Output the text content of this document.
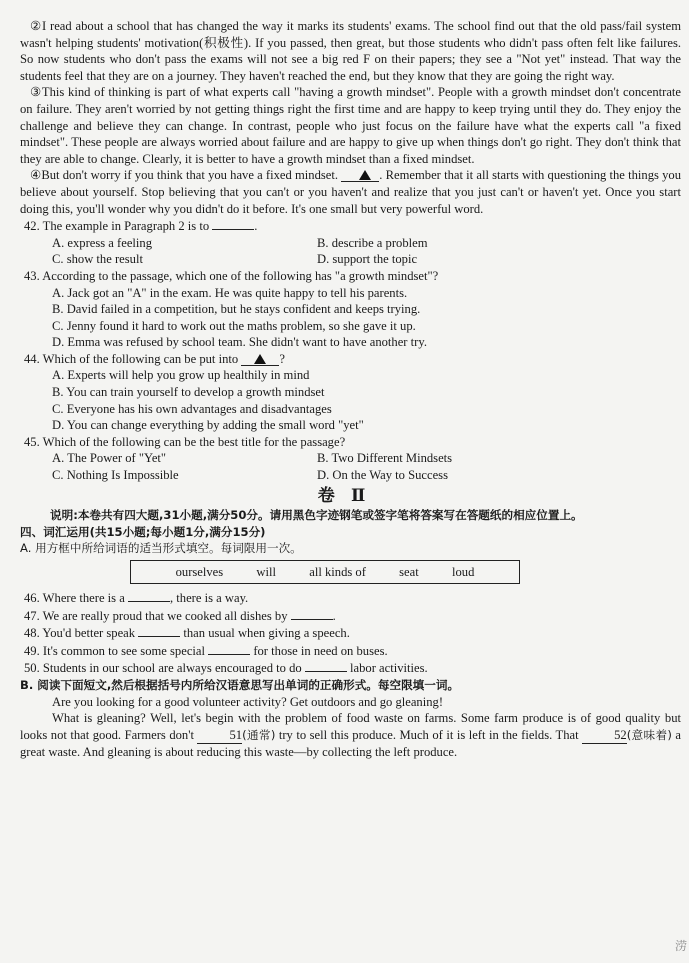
②I read about a school that has changed the way it marks its students' exams. The school find out that the old pass/fail system wasn't helping students' motivation(积极性). If you passed, then great, but those students who didn't pass often felt like failures. So now students who don't pass the exams will not see a big red F on their papers; they see a "Not yet" instead. That way the students feel that they are on a journey. They haven't reached the end, but they know that they are going the right way.

③This kind of thinking is part of what experts call "having a growth mindset". People with a growth mindset don't concentrate on failure. They aren't worried by not getting things right the first time and are happy to keep trying until they do. They enjoy the challenge and believe they can change. In contrast, people who just focus on the failure have what the experts call "a fixed mindset". These people are always worried about failure and are happy to give up when things don't go right. They don't think that they are able to change. Clearly, it is better to have a growth mindset than a fixed mindset.

④But don't worry if you think that you have a fixed mindset.	. Remember that it all starts with questioning the things you believe about yourself. Stop believing that you can't or you haven't and realize that you just can't or haven't yet. Once you start doing this, you'll wonder why you didn't do it before. It's one small but very powerful word.

42. The example in Paragraph 2 is to	.

A. express a feeling	B. describe a problem
C. show the result	D. support the topic

43. According to the passage, which one of the following has "a growth mindset"?

A. Jack got an "A" in the exam. He was quite happy to tell his parents.

B. David failed in a competition, but he stays confident and keeps trying.

C. Jenny found it hard to work out the maths problem, so she gave it up.

D. Emma was refused by school team. She didn't want to have another try.

44. Which of the following can be put into	?

A. Experts will help you grow up healthily in mind

B. You can train yourself to develop a growth mindset

C. Everyone has his own advantages and disadvantages

D. You can change everything by adding the small word "yet"

45. Which of the following can be the best title for the passage?

A. The Power of "Yet"	B. Two Different Mindsets
C. Nothing Is Impossible	D. On the Way to Success
卷 Ⅱ

说明:本卷共有四大题,31小题,满分50分。请用黑色字迹钢笔或签字笔将答案写在答题纸的相应位置上。

四、词汇运用(共15小题;每小题1分,满分15分)

A. 用方框中所给词语的适当形式填空。每词限用一次。

ourselves	will	all kinds of	seat	loud

46. Where there is a	, there is a way.

47. We are really proud that we cooked all dishes by	.

48. You'd better speak	than usual when giving a speech.

49. It's common to see some special	for those in need on buses.

50. Students in our school are always encouraged to do	labor activities.

B. 阅读下面短文,然后根据括号内所给汉语意思写出单词的正确形式。每空限填一词。

Are you looking for a good volunteer activity? Get outdoors and go gleaning!

What is gleaning? Well, let's begin with the problem of food waste on farms. Some farm produce is of good quality but looks not that good. Farmers don't	51(通常) try to sell this produce. Much of it is left in the fields. That	52(意味着) a great waste. And gleaning is about reducing this waste—by collecting the left produce.

涝
